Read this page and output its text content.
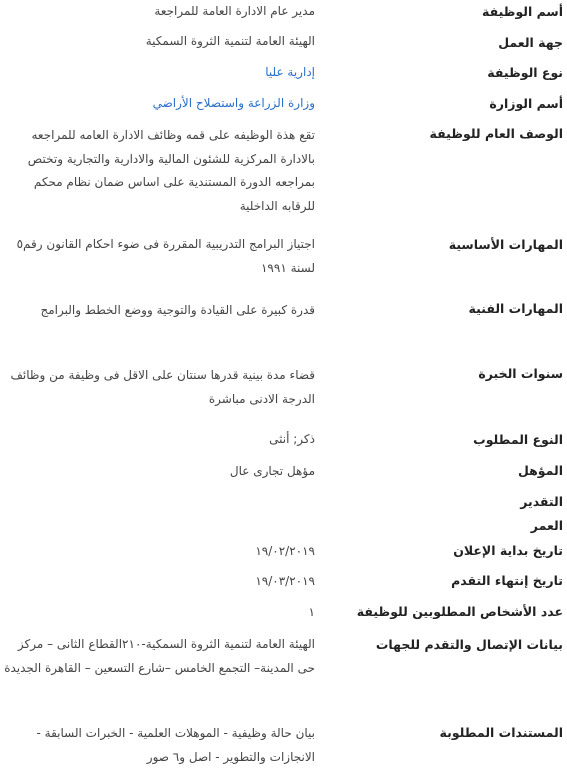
أسم الوظيفة
مدير عام الادارة العامة للمراجعة
جهة العمل
الهيئة العامة لتنمية الثروة السمكية
نوع الوظيفة
إدارية عليا
أسم الوزارة
وزارة الزراعة واستصلاح الأراضي
الوصف العام للوظيفة
تقع هذة الوظيفه على قمه وظائف الادارة العامه للمراجعه بالادارة المركزية للشئون المالية والادارية والتجارية وتختص بمراجعه الدورة المستندية على اساس ضمان نظام محكم للرقابه الداخلية
المهارات الأساسية
اجتياز البرامج التدريبية المقررة فى ضوء احكام القانون رقم٥ لسنة ١٩٩١
المهارات الفنية
قدرة كبيرة على القيادة والتوجية ووضع الخطط والبرامج
سنوات الخبرة
قضاء مدة بينية قدرها سنتان على الاقل فى وظيفة من وظائف الدرجة الادنى مباشرة
النوع المطلوب
ذكر; أنثى
المؤهل
مؤهل تجارى عال
التقدير
العمر
تاريخ بداية الإعلان
١٩/٠٢/٢٠١٩
تاريخ إنتهاء التقدم
١٩/٠٣/٢٠١٩
عدد الأشخاص المطلوبين للوظيفة
١
بيانات الإتصال والتقدم للجهات
الهيئة العامة لتنمية الثروة السمكية-٢١٠القطاع الثانى – مركز حى المدينة– التجمع الخامس –شارع التسعين – القاهرة الجديدة
المستندات المطلوبة
بيان حالة وظيفية - الموهلات العلمية - الخبرات السابقة - الانجازات والتطوير - اصل و٦ صور
